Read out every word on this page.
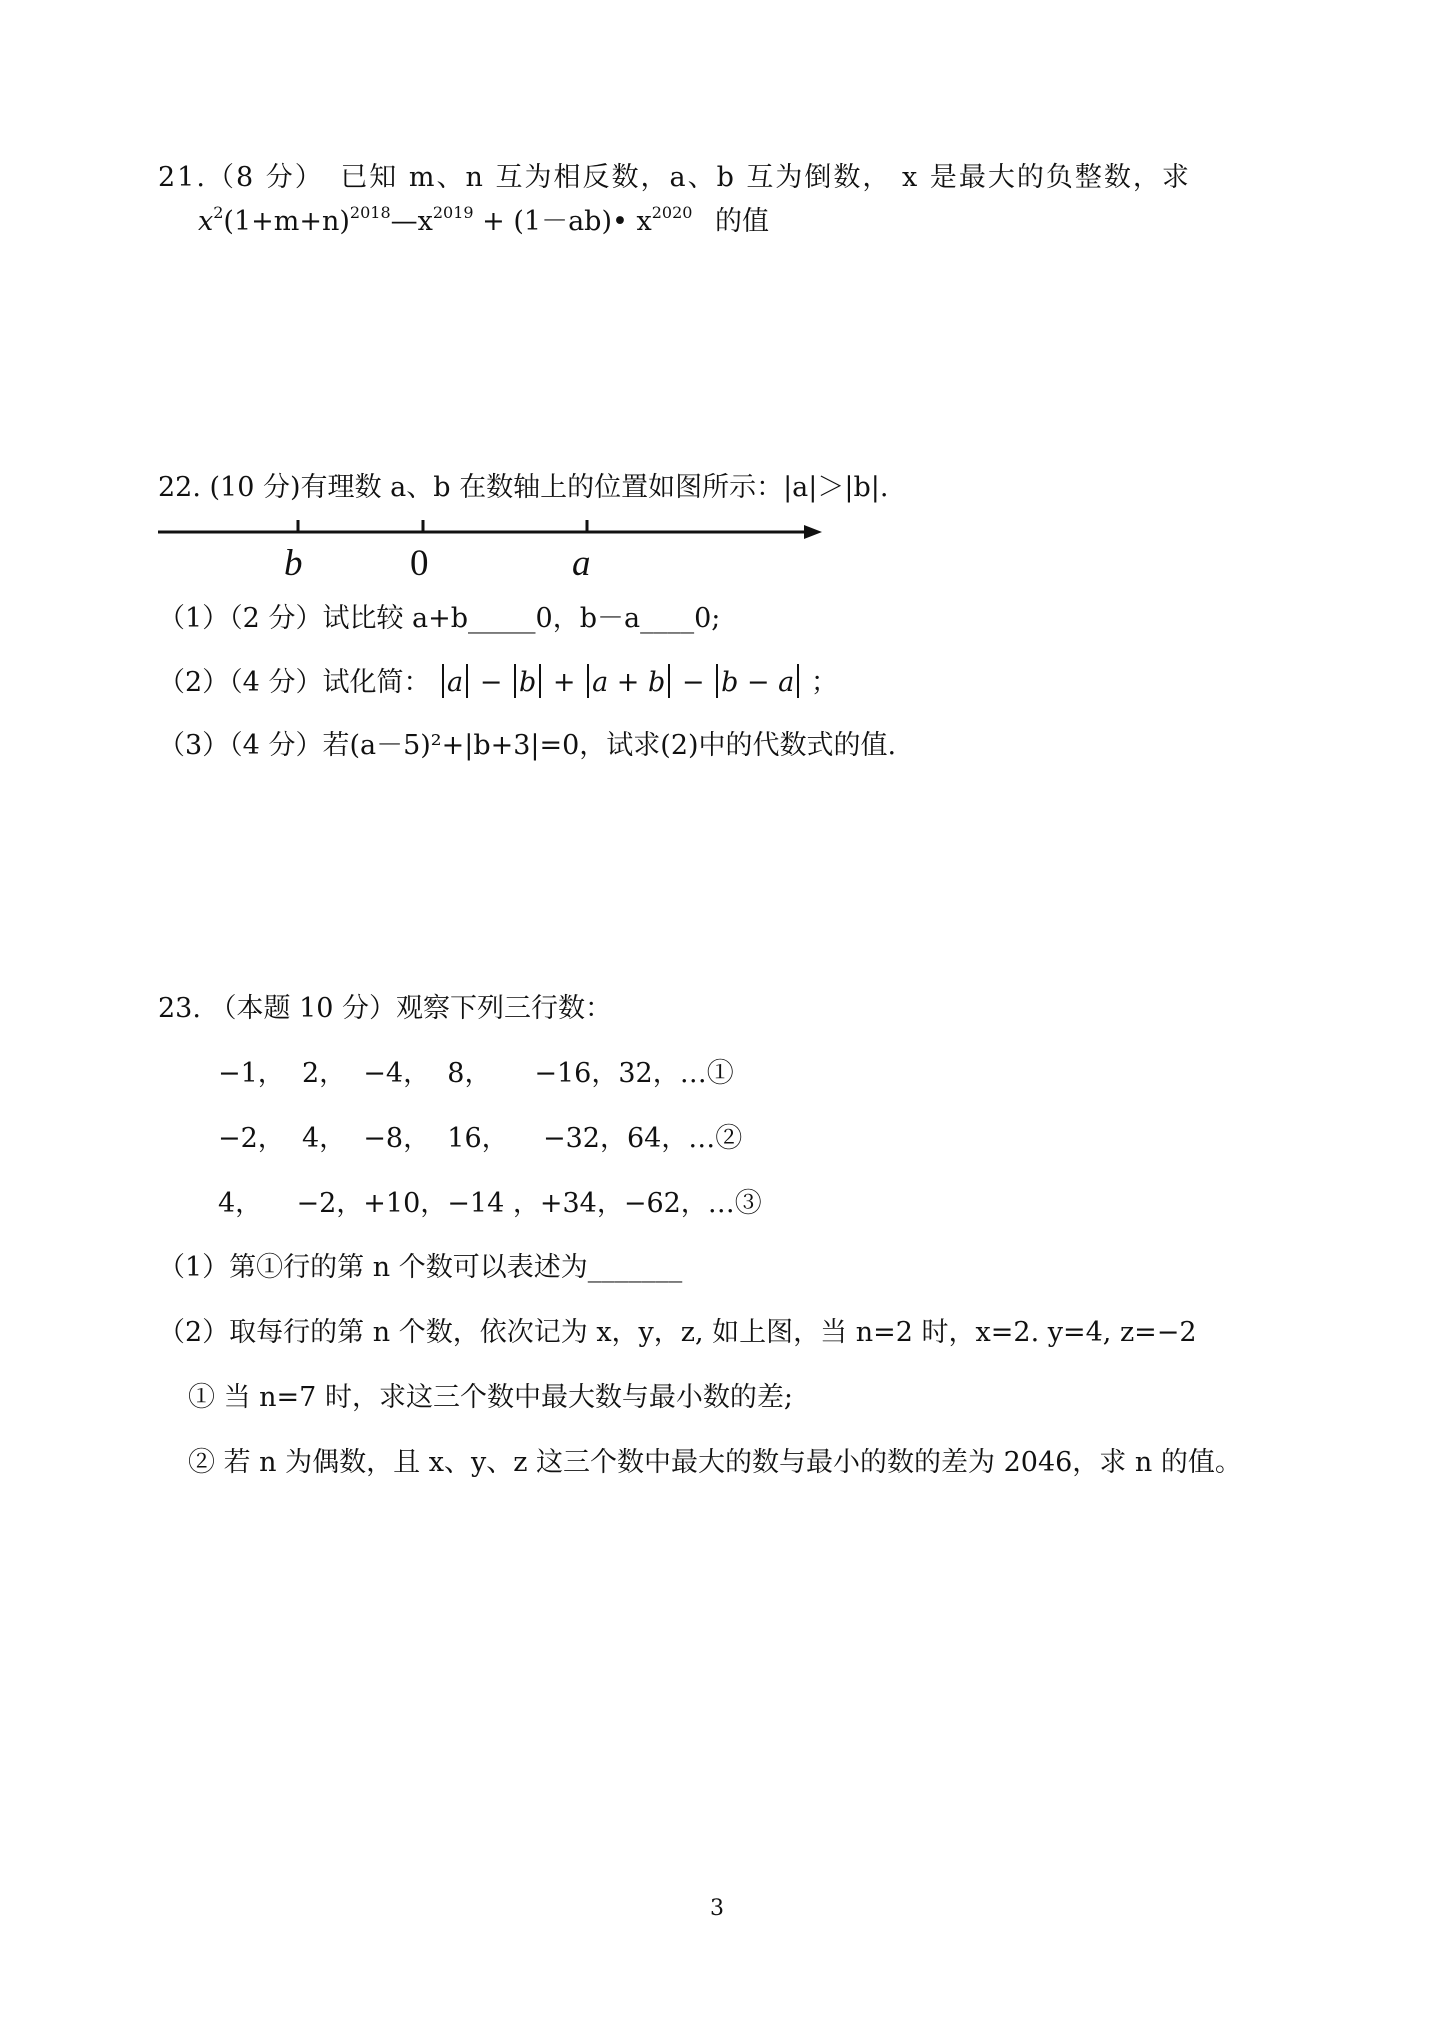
21.（8 分） 已知 m、n 互为相反数，a、b 互为倒数， x 是最大的负整数，求
$x^2(1+m+n)^{2018}—x^{2019}$ + (1－ab)• $x^{2020}$ 的值
22. (10 分)有理数 a、b 在数轴上的位置如图所示：|a|＞|b|.
b	0	a
（1）（2 分）试比较 a+b_____0，b－a____0;
（2）（4 分）试化简： a − b + a + b − b − a ；
（3）（4 分）若(a－5)²+|b+3|=0，试求(2)中的代数式的值.
23. （本题 10 分）观察下列三行数：
−1，  2，  −4，  8，     −16，32，…①
−2，  4，  −8，  16，    −32，64，…②
4，    −2，+10，−14 ，+34，−62，…③
（1）第①行的第 n 个数可以表述为_______
（2）取每行的第 n 个数，依次记为 x，y，z, 如上图，当 n=2 时，x=2. y=4, z=−2
① 当 n=7 时，求这三个数中最大数与最小数的差;
② 若 n 为偶数，且 x、y、z 这三个数中最大的数与最小的数的差为 2046，求 n 的值。
3
